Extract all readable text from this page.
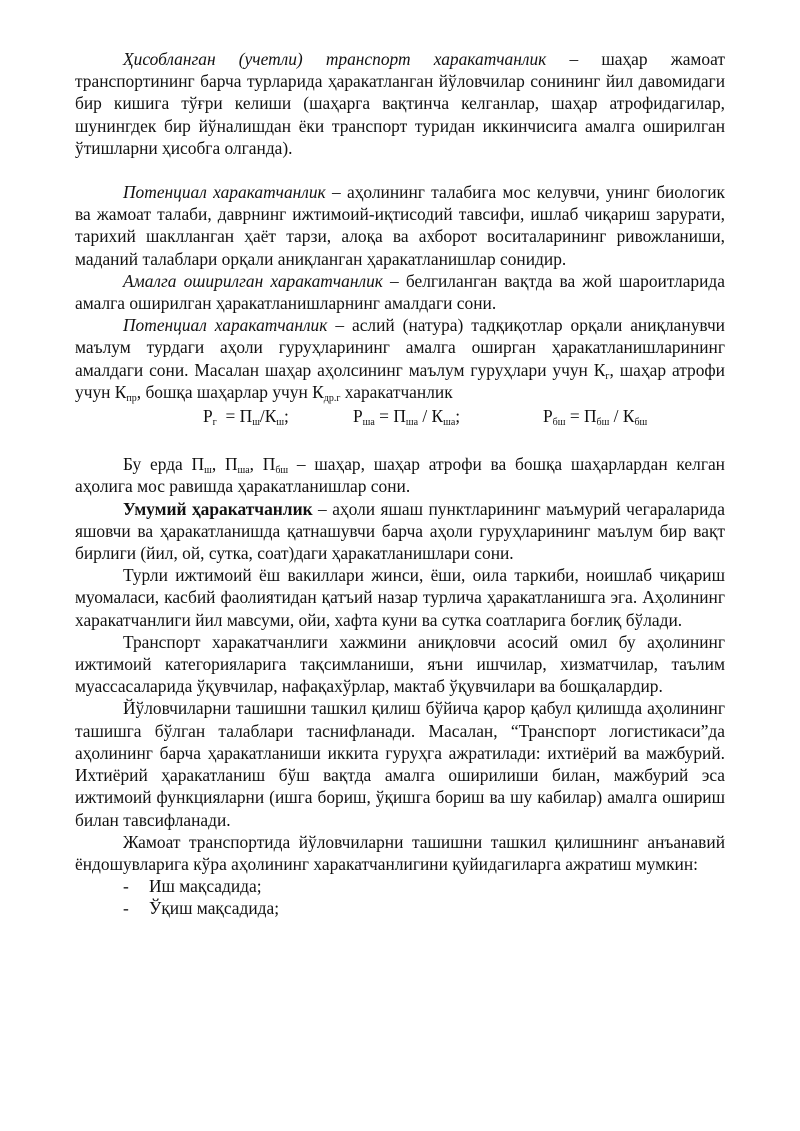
Ҳисобланган (учетли) транспорт харакатчанлик – шаҳар жамоат транспортининг барча турларида ҳаракатланган йўловчилар сонининг йил давомидаги бир кишига тўғри келиши (шаҳарга вақтинча келганлар, шаҳар атрофидагилар, шунингдек бир йўналишдан ёки транспорт туридан иккинчисига амалга оширилган ўтишларни ҳисобга олганда).

Потенциал харакатчанлик – аҳолининг талабига мос келувчи, унинг биологик ва жамоат талаби, даврнинг ижтимоий-иқтисодий тавсифи, ишлаб чиқариш зарурати, тарихий шаклланган ҳаёт тарзи, алоқа ва ахборот воситаларининг ривожланиши, маданий талаблари орқали аниқланган ҳаракатланишлар сонидир.

Амалга оширилган харакатчанлик – белгиланган вақтда ва жой шароитларида амалга оширилган ҳаракатланишларнинг амалдаги сони.

Потенциал харакатчанлик – аслий (натура) тадқиқотлар орқали аниқланувчи маълум турдаги аҳоли гуруҳларининг амалга оширган ҳаракатланишларининг амалдаги сони. Масалан шаҳар аҳолсининг маълум гуруҳлари учун $К_г$, шаҳар атрофи учун $К_{пр}$, бошқа шаҳарлар учун $К_{др.г}$ харакатчанлик

$Р_г = П_ш/К_ш$;	$Р_{ша} = П_{ша} / К_{ша}$;	$Р_{бш} = П_{бш} / К_{бш}$

Бу ерда $П_ш$, $П_{ша}$, $П_{бш}$ – шаҳар, шаҳар атрофи ва бошқа шаҳарлардан келган аҳолига мос равишда ҳаракатланишлар сони.

Умумий ҳаракатчанлик – аҳоли яшаш пунктларининг маъмурий чегараларида яшовчи ва ҳаракатланишда қатнашувчи барча аҳоли гуруҳларининг маълум бир вақт бирлиги (йил, ой, сутка, соат)даги ҳаракатланишлари сони.

Турли ижтимоий ёш вакиллари жинси, ёши, оила таркиби, ноишлаб чиқариш муомаласи, касбий фаолиятидан қатъий назар турлича ҳаракатланишга эга. Аҳолининг харакатчанлиги йил мавсуми, ойи, хафта куни ва сутка соатларига боғлиқ бўлади.

Транспорт харакатчанлиги хажмини аниқловчи асосий омил бу аҳолининг ижтимоий категорияларига тақсимланиши, яъни ишчилар, хизматчилар, таълим муассасаларида ўқувчилар, нафақахўрлар, мактаб ўқувчилари ва бошқалардир.

Йўловчиларни ташишни ташкил қилиш бўйича қарор қабул қилишда аҳолининг ташишга бўлган талаблари таснифланади. Масалан, “Транспорт логистикаси”да аҳолининг барча ҳаракатланиши иккита гуруҳга ажратилади: ихтиёрий ва мажбурий. Ихтиёрий ҳаракатланиш бўш вақтда амалга оширилиши билан, мажбурий эса ижтимоий функцияларни (ишга бориш, ўқишга бориш ва шу кабилар) амалга ошириш билан тавсифланади.

Жамоат транспортида йўловчиларни ташишни ташкил қилишнинг анъанавий ёндошувларига кўра аҳолининг харакатчанлигини қуйидагиларга ажратиш мумкин:

-	Иш мақсадида;
-	Ўқиш мақсадида;
